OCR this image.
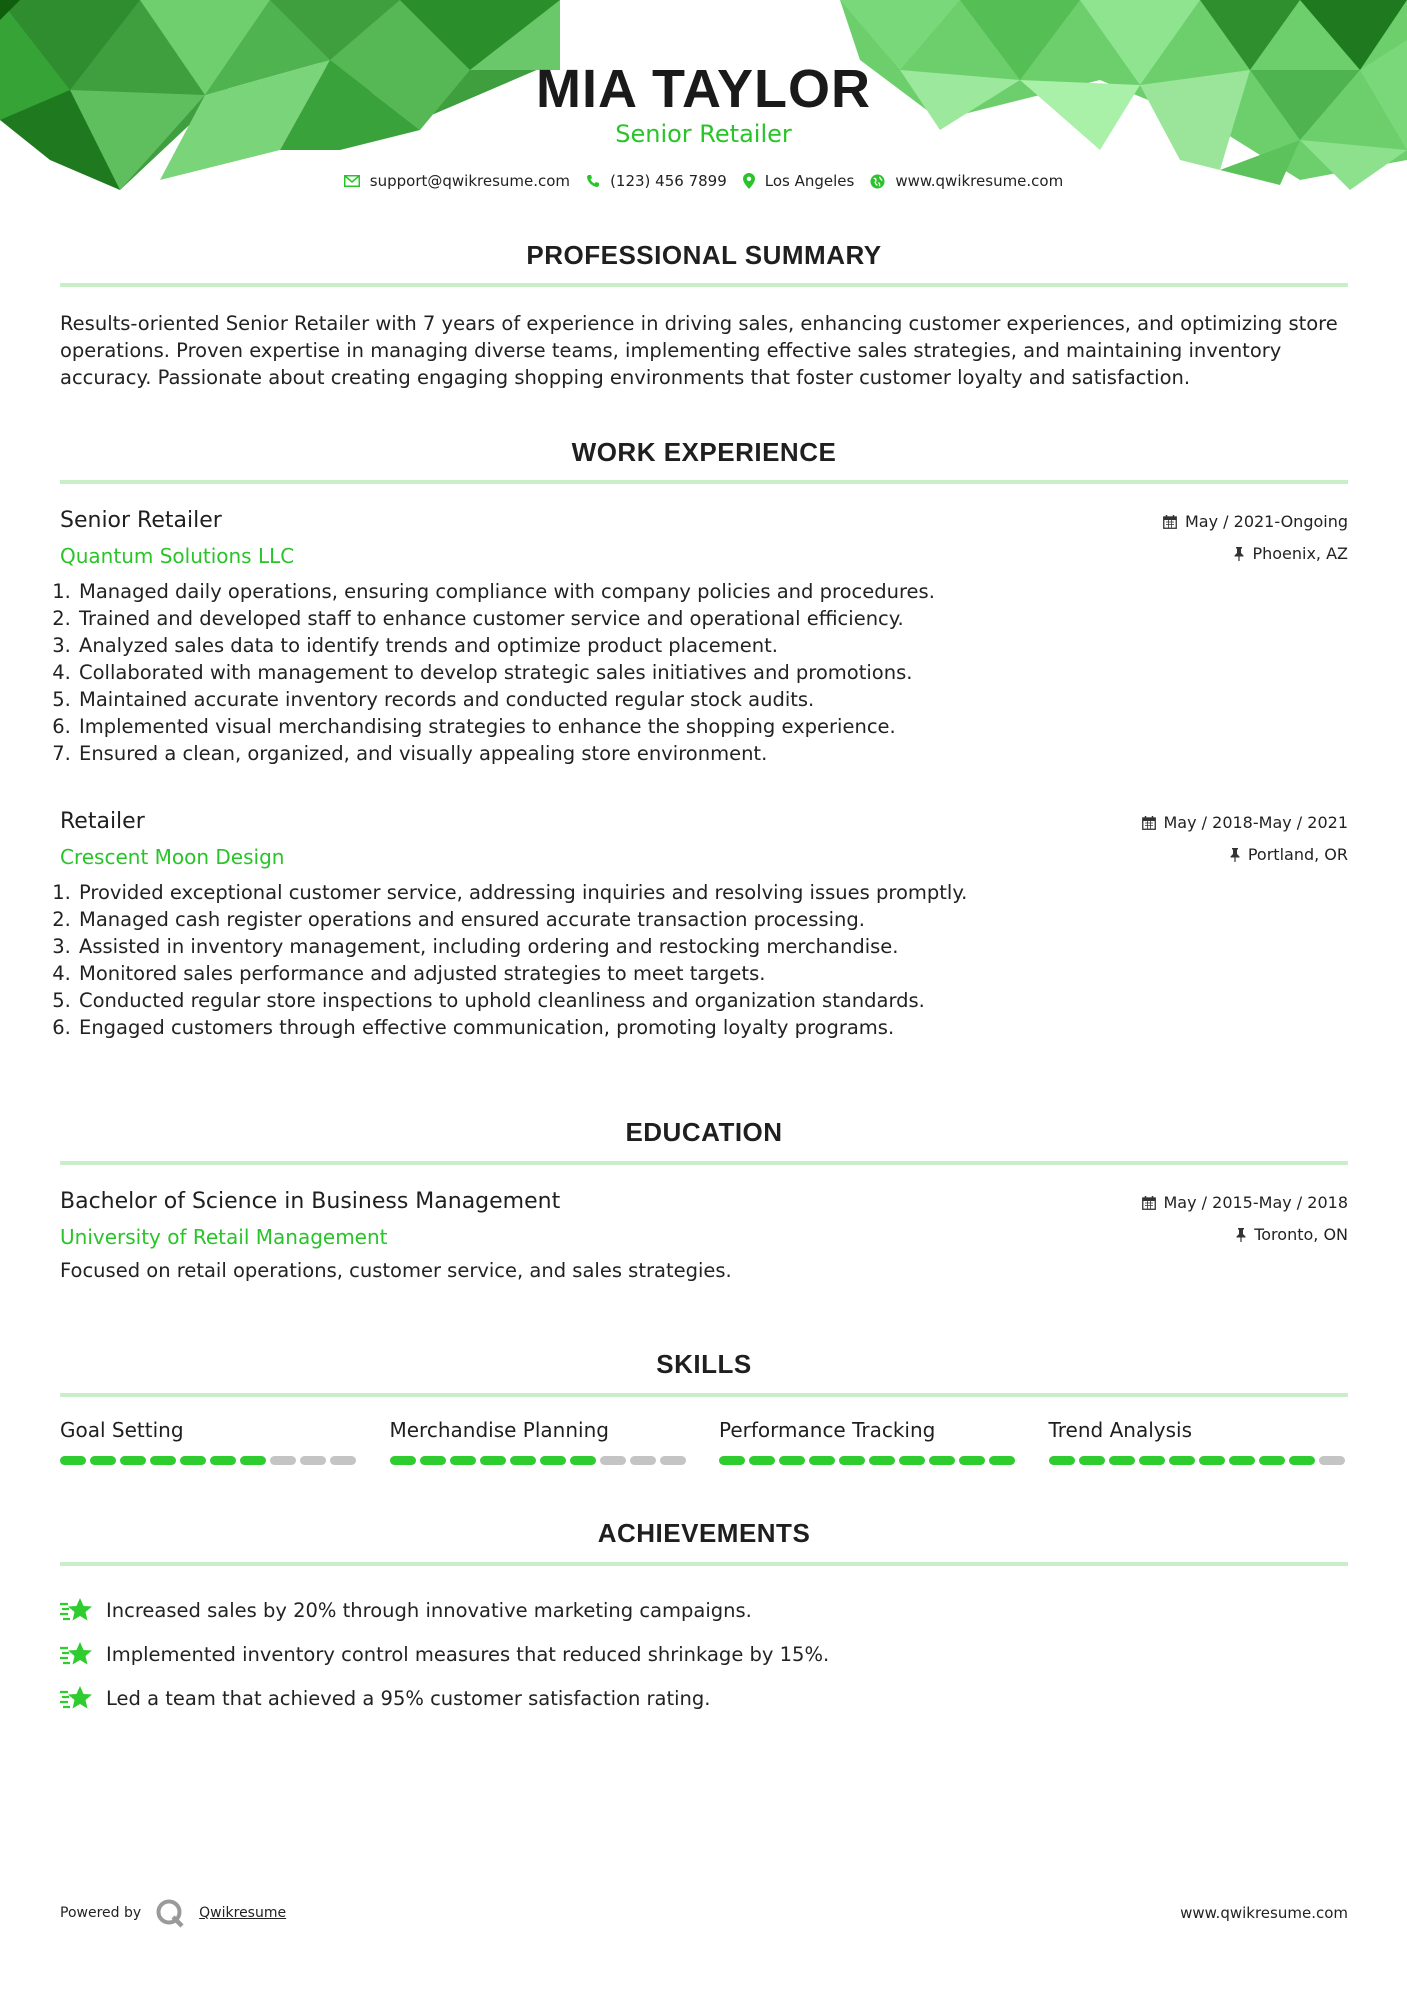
MIA TAYLOR

Senior Retailer

support@qwikresume.com	(123) 456 7899	Los Angeles	www.qwikresume.com
PROFESSIONAL SUMMARY

Results-oriented Senior Retailer with 7 years of experience in driving sales, enhancing customer experiences, and optimizing store operations. Proven expertise in managing diverse teams, implementing effective sales strategies, and maintaining inventory accuracy. Passionate about creating engaging shopping environments that foster customer loyalty and satisfaction.

WORK EXPERIENCE

Senior Retailer

Quantum Solutions LLC

May / 2021-Ongoing
Phoenix, AZ
1. Managed daily operations, ensuring compliance with company policies and procedures.
2. Trained and developed staff to enhance customer service and operational efficiency.
3. Analyzed sales data to identify trends and optimize product placement.
4. Collaborated with management to develop strategic sales initiatives and promotions.
5. Maintained accurate inventory records and conducted regular stock audits.
6. Implemented visual merchandising strategies to enhance the shopping experience.
7. Ensured a clean, organized, and visually appealing store environment.

Retailer

Crescent Moon Design

May / 2018-May / 2021
Portland, OR
1. Provided exceptional customer service, addressing inquiries and resolving issues promptly.
2. Managed cash register operations and ensured accurate transaction processing.
3. Assisted in inventory management, including ordering and restocking merchandise.
4. Monitored sales performance and adjusted strategies to meet targets.
5. Conducted regular store inspections to uphold cleanliness and organization standards.
6. Engaged customers through effective communication, promoting loyalty programs.
EDUCATION

Bachelor of Science in Business Management

University of Retail Management

May / 2015-May / 2018
Toronto, ON

Focused on retail operations, customer service, and sales strategies.

SKILLS

Goal Setting	Merchandise Planning	Performance Tracking	Trend Analysis

ACHIEVEMENTS
Increased sales by 20% through innovative marketing campaigns.
Implemented inventory control measures that reduced shrinkage by 15%.
Led a team that achieved a 95% customer satisfaction rating.
Powered by	Qwikresume	www.qwikresume.com
